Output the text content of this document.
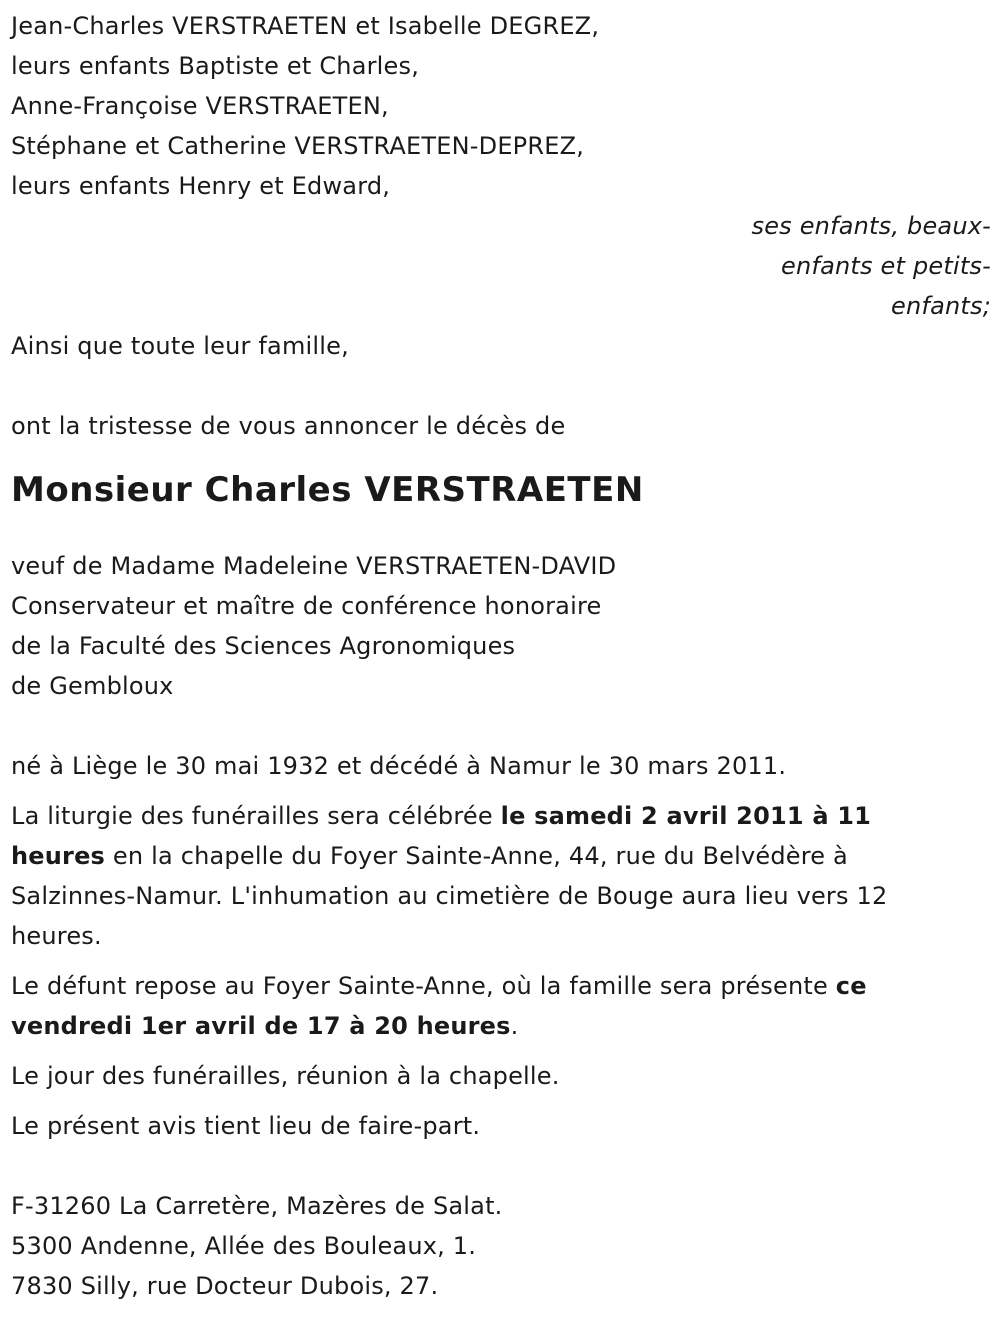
Jean-Charles VERSTRAETEN et Isabelle DEGREZ,
leurs enfants Baptiste et Charles,
Anne-Françoise VERSTRAETEN,
Stéphane et Catherine VERSTRAETEN-DEPREZ,
leurs enfants Henry et Edward,
ses enfants, beaux-
enfants et petits-
enfants;
Ainsi que toute leur famille,
ont la tristesse de vous annoncer le décès de
Monsieur Charles VERSTRAETEN
veuf de Madame Madeleine VERSTRAETEN-DAVID
Conservateur et maître de conférence honoraire
de la Faculté des Sciences Agronomiques
de Gembloux
né à Liège le 30 mai 1932 et décédé à Namur le 30 mars 2011.
La liturgie des funérailles sera célébrée le samedi 2 avril 2011 à 11 heures en la chapelle du Foyer Sainte-Anne, 44, rue du Belvédère à Salzinnes-Namur. L'inhumation au cimetière de Bouge aura lieu vers 12 heures.
Le défunt repose au Foyer Sainte-Anne, où la famille sera présente ce vendredi 1er avril de 17 à 20 heures.
Le jour des funérailles, réunion à la chapelle.
Le présent avis tient lieu de faire-part.
F-31260 La Carretère, Mazères de Salat.
5300 Andenne, Allée des Bouleaux, 1.
7830 Silly, rue Docteur Dubois, 27.
